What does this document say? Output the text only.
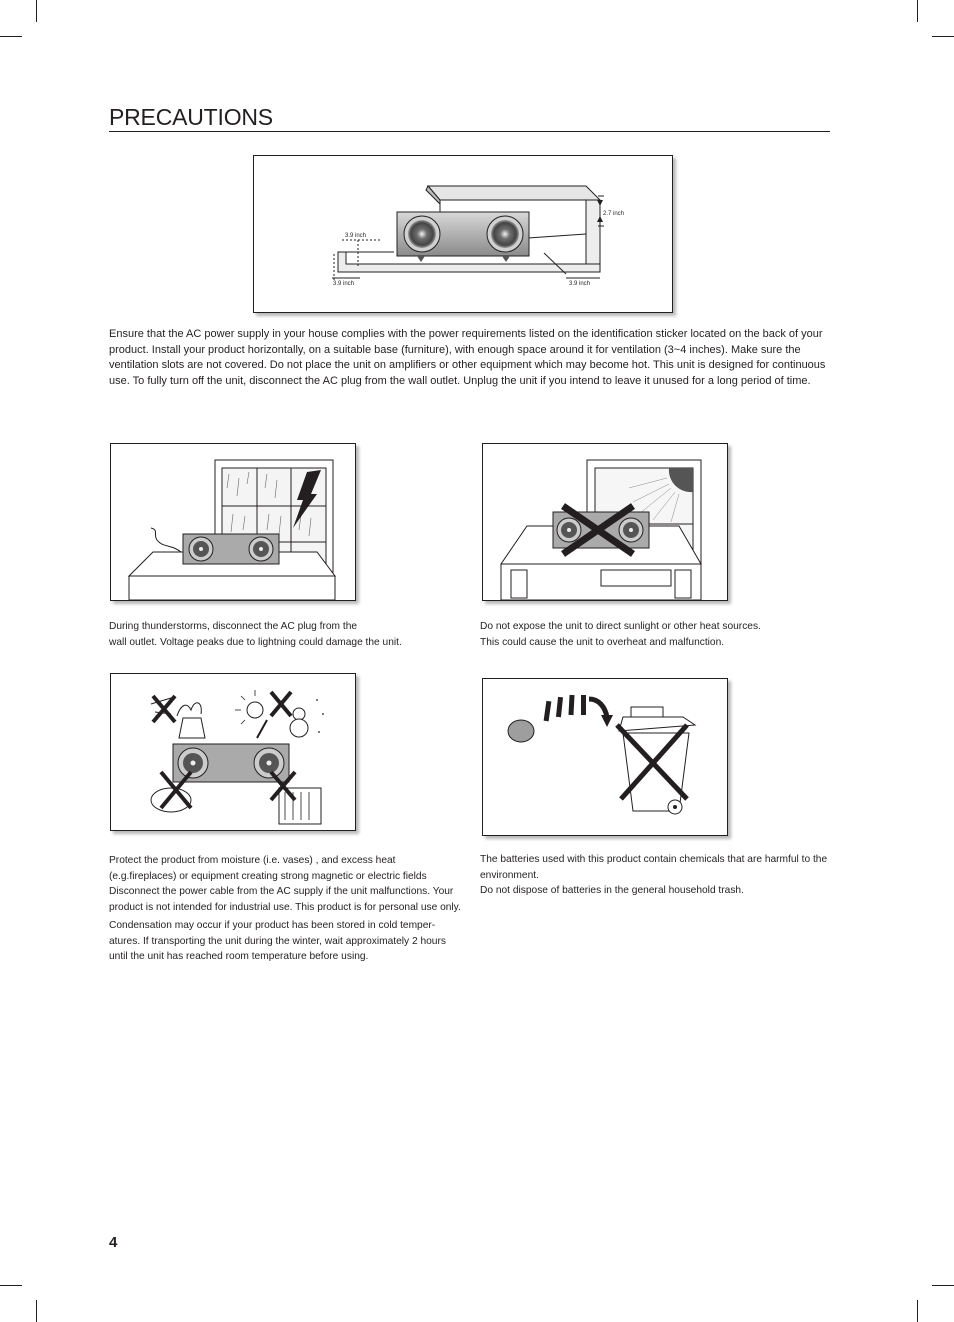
PRECAUTIONS
3.9 inch
3.9 inch	3.9 inch
2.7 inch

Ensure that the AC power supply in your house complies with the power requirements listed on the identification sticker located on the back of your product. Install your product horizontally, on a suitable base (furniture), with enough space around it for ventilation (3~4 inches). Make sure the ventilation slots are not covered. Do not place the unit on amplifiers or other equipment which may become hot. This unit is designed for continuous use. To fully turn off the unit, disconnect the AC plug from the wall outlet. Unplug the unit if you intend to leave it unused for a long period of time.

During thunderstorms, disconnect the AC plug from the

wall outlet. Voltage peaks due to lightning could damage the unit.

Do not expose the unit to direct sunlight or other heat sources.

This could cause the unit to overheat and malfunction.

Protect the product from moisture (i.e. vases) , and excess heat (e.g.fireplaces) or equipment creating strong magnetic or electric fields Disconnect the power cable from the AC supply if the unit malfunctions. Your product is not intended for industrial use. This product is for personal use only.

Condensation may occur if your product has been stored in cold temper-atures. If transporting the unit during the winter, wait approximately 2 hours until the unit has reached room temperature before using.

The batteries used with this product contain chemicals that are harmful to the environment.

Do not dispose of batteries in the general household trash.

4
